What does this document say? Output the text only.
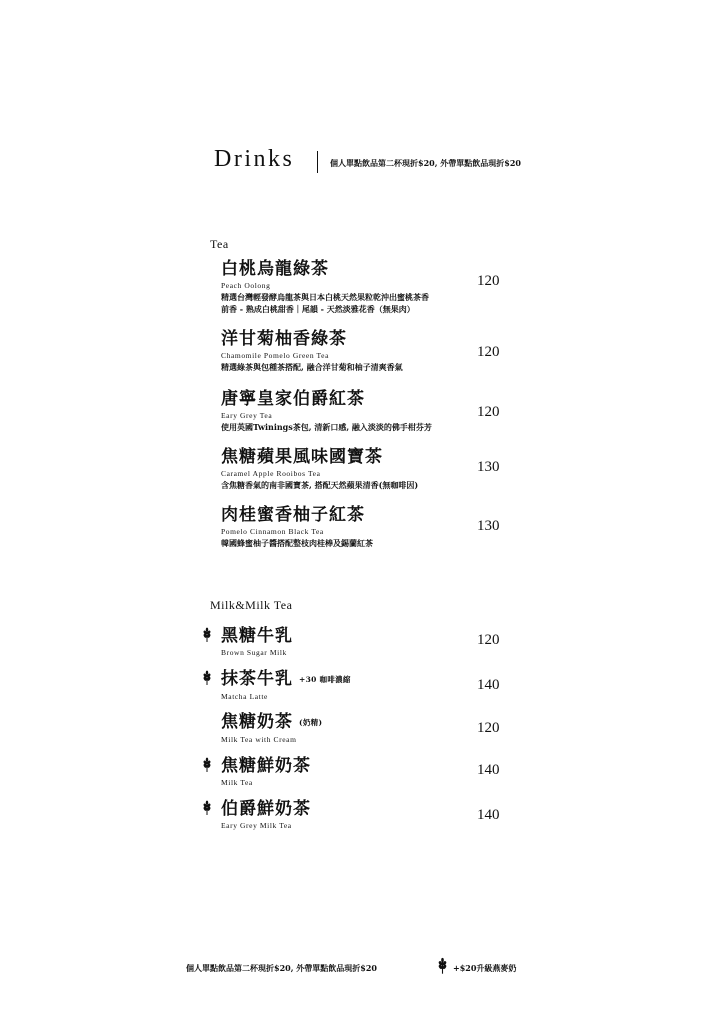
Drinks	個人單點飲品第二杯現折$20, 外帶單點飲品現折$20
Tea
白桃烏龍綠茶
Peach Oolong
精選台灣輕發酵烏龍茶與日本白桃天然果粒乾沖出蜜桃茶香
前香 - 熟成白桃甜香｜尾韻 - 天然淡雅花香（無果肉）
120
洋甘菊柚香綠茶
Chamomile Pomelo Green Tea
精選綠茶與包種茶搭配, 融合洋甘菊和柚子清爽香氣
120
唐寧皇家伯爵紅茶
Eary Grey Tea
使用英國Twinings茶包, 清新口感, 融入淡淡的佛手柑芬芳
120
焦糖蘋果風味國寶茶
Caramel Apple Rooibos Tea
含焦糖香氣的南非國寶茶, 搭配天然蘋果清香(無咖啡因)
130
肉桂蜜香柚子紅茶
Pomelo Cinnamon Black Tea
韓國蜂蜜柚子醬搭配整枝肉桂棒及錫蘭紅茶
130
Milk&Milk Tea
黑糖牛乳
Brown Sugar Milk
120
抹茶牛乳 +30 咖啡濃縮
Matcha Latte
140
焦糖奶茶 (奶精)
Milk Tea with Cream
120
焦糖鮮奶茶
Milk Tea
140
伯爵鮮奶茶
Eary Grey Milk Tea
140
個人單點飲品第二杯現折$20, 外帶單點飲品現折$20	+$20升級燕麥奶
